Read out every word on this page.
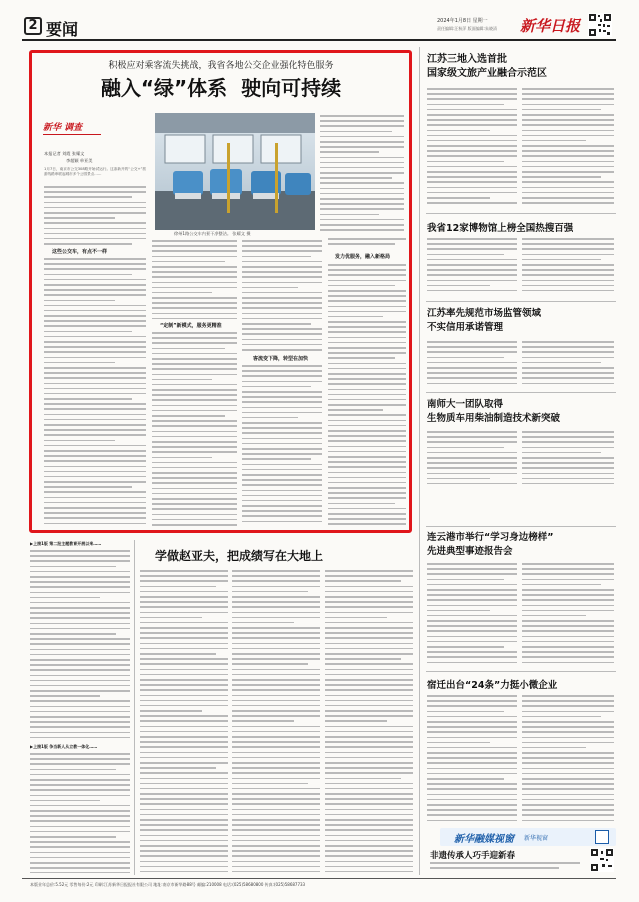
2 要闻	2024年1月8日 星期一
责任编辑:汪秋萍 版面编辑:朱晓清 新华日报
积极应对乘客流失挑战，我省各地公交企业强化特色服务
融入“绿”体系  驶向可持续
新华 调查
本报记者 刘霞 张耀文
李超颖 单亚美
徐州1路公交车内景干净整洁。 张耀文 摄
1月7日，南京市公交308路开始试运行。这条新开的“公交+”旅游线路串联起城市多个公园景点……
这些公交车，有点不一样
“定制”新模式，服务更精准
客流变下降，转型在加快
发力优服务，融入新格局
江苏三地入选首批
国家级文旅产业融合示范区
我省12家博物馆上榜全国热搜百强
江苏率先规范市场监管领域
不实信用承诺管理
南师大一团队取得
生物质车用柴油制造技术新突破
连云港市举行“学习身边榜样”
先进典型事迹报告会
宿迁出台“24条”力挺小微企业
新华融媒视窗 新华视窗
非遗传承人巧手迎新春
▶上接1版 第二批主题教育开展以来……
▶上接1版 争当新人从立教一体化……
学做赵亚夫，把成绩写在大地上
本版业年总价:5.52元 零售每份:2元 印刷:江苏新华日报报社有限公司 地址:南京市新华路88号 邮编:210008 电话:(025)58680800 传真:(025)58687733
